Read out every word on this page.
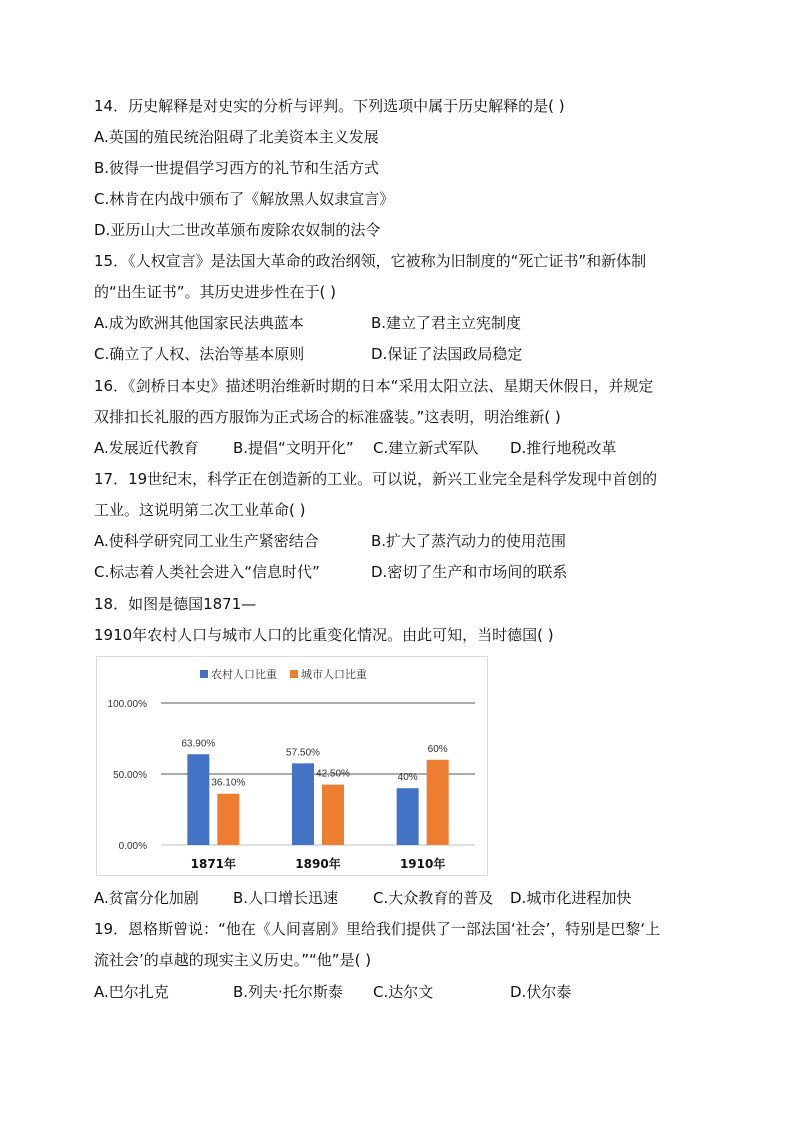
14．历史解释是对史实的分析与评判。下列选项中属于历史解释的是( )
A.英国的殖民统治阻碍了北美资本主义发展
B.彼得一世提倡学习西方的礼节和生活方式
C.林肯在内战中颁布了《解放黑人奴隶宣言》
D.亚历山大二世改革颁布废除农奴制的法令
15．《人权宣言》是法国大革命的政治纲领，它被称为旧制度的“死亡证书”和新体制
的“出生证书”。其历史进步性在于( )
A.成为欧洲其他国家民法典蓝本	B.建立了君主立宪制度
C.确立了人权、法治等基本原则	D.保证了法国政局稳定
16．《剑桥日本史》描述明治维新时期的日本“采用太阳立法、星期天休假日，并规定
双排扣长礼服的西方服饰为正式场合的标准盛装。”这表明，明治维新( )
A.发展近代教育 B.提倡“文明开化” C.建立新式军队 D.推行地税改革
17．19世纪末，科学正在创造新的工业。可以说，新兴工业完全是科学发现中首创的
工业。这说明第二次工业革命( )
A.使科学研究同工业生产紧密结合	B.扩大了蒸汽动力的使用范围
C.标志着人类社会进入“信息时代”	D.密切了生产和市场间的联系
18．如图是德国1871—
1910年农村人口与城市人口的比重变化情况。由此可知，当时德国( )
0.00%
50.00%
100.00%
63.90%
36.10%
1871年
57.50%
42.50%
1890年
40%
60%
1910年
农村人口比重 城市人口比重
A.贫富分化加剧 B.人口增长迅速 C.大众教育的普及 D.城市化进程加快
19．恩格斯曾说：“他在《人间喜剧》里给我们提供了一部法国‘社会’，特别是巴黎‘上
流社会’的卓越的现实主义历史。”“他”是( )
A.巴尔扎克	B.列夫·托尔斯泰 C.达尔文	D.伏尔泰
